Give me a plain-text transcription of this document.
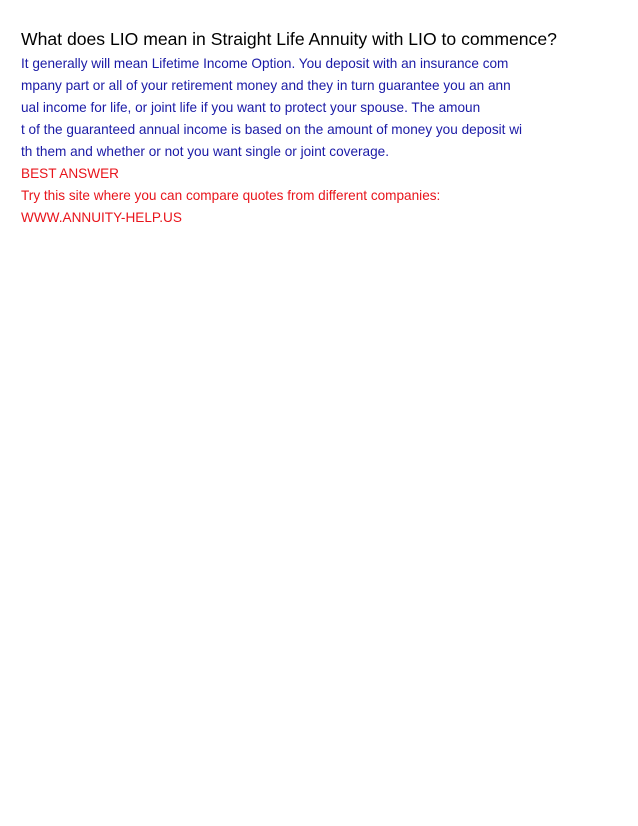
What does LIO mean in Straight Life Annuity with LIO to commence?
It generally will mean Lifetime Income Option. You deposit with an insurance com
mpany part or all of your retirement money and they in turn guarantee you an ann
ual income for life, or joint life if you want to protect your spouse. The amoun
t of the guaranteed annual income is based on the amount of money you deposit wi
th them and whether or not you want single or joint coverage.
BEST ANSWER
Try this site where you can compare quotes from different companies:
WWW.ANNUITY-HELP.US
